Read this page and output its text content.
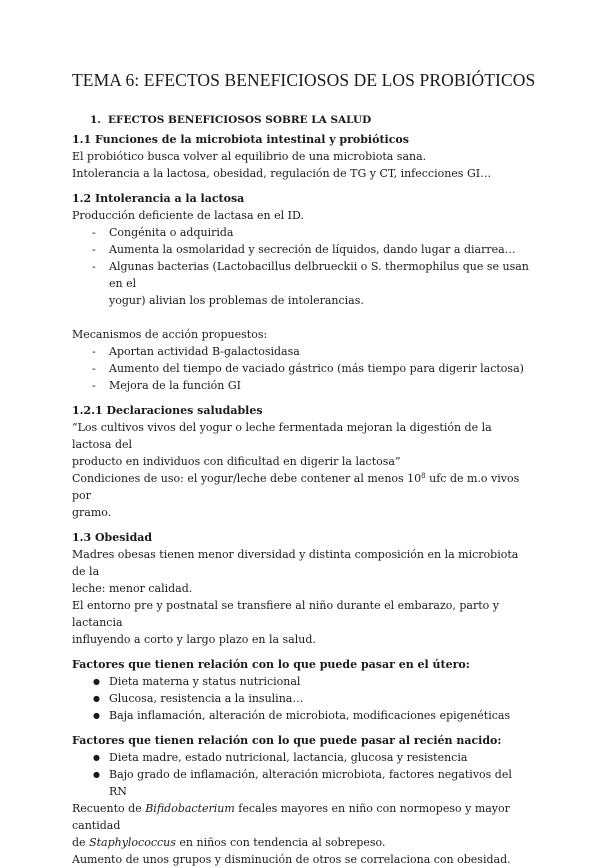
TEMA 6: EFECTOS BENEFICIOSOS DE LOS PROBIÓTICOS
1. EFECTOS BENEFICIOSOS SOBRE LA SALUD
1.1 Funciones de la microbiota intestinal y probióticos
El probiótico busca volver al equilibrio de una microbiota sana.
Intolerancia a la lactosa, obesidad, regulación de TG y CT, infecciones GI…
1.2 Intolerancia a la lactosa
Producción deficiente de lactasa en el ID.
- Congénita o adquirida
- Aumenta la osmolaridad y secreción de líquidos, dando lugar a diarrea…
- Algunas bacterias (Lactobacillus delbrueckii o S. thermophilus que se usan en el
yogur) alivian los problemas de intolerancias.
Mecanismos de acción propuestos:
- Aportan actividad B-galactosidasa
- Aumento del tiempo de vaciado gástrico (más tiempo para digerir lactosa)
- Mejora de la función GI
1.2.1 Declaraciones saludables
“Los cultivos vivos del yogur o leche fermentada mejoran la digestión de la lactosa del
producto en individuos con dificultad en digerir la lactosa”
Condiciones de uso: el yogur/leche debe contener al menos $10^8$ ufc de m.o vivos por
gramo.
1.3 Obesidad
Madres obesas tienen menor diversidad y distinta composición en la microbiota de la
leche: menor calidad.
El entorno pre y postnatal se transfiere al niño durante el embarazo, parto y lactancia
influyendo a corto y largo plazo en la salud.
Factores que tienen relación con lo que puede pasar en el útero:
● Dieta materna y status nutricional
● Glucosa, resistencia a la insulina…
● Baja inflamación, alteración de microbiota, modificaciones epigenéticas
Factores que tienen relación con lo que puede pasar al recién nacido:
● Dieta madre, estado nutricional, lactancia, glucosa y resistencia
● Bajo grado de inflamación, alteración microbiota, factores negativos del RN
Recuento de Bifidobacterium fecales mayores en niño con normopeso y mayor cantidad
de Staphylococcus en niños con tendencia al sobrepeso.
Aumento de unos grupos y disminución de otros se correlaciona con obesidad.
